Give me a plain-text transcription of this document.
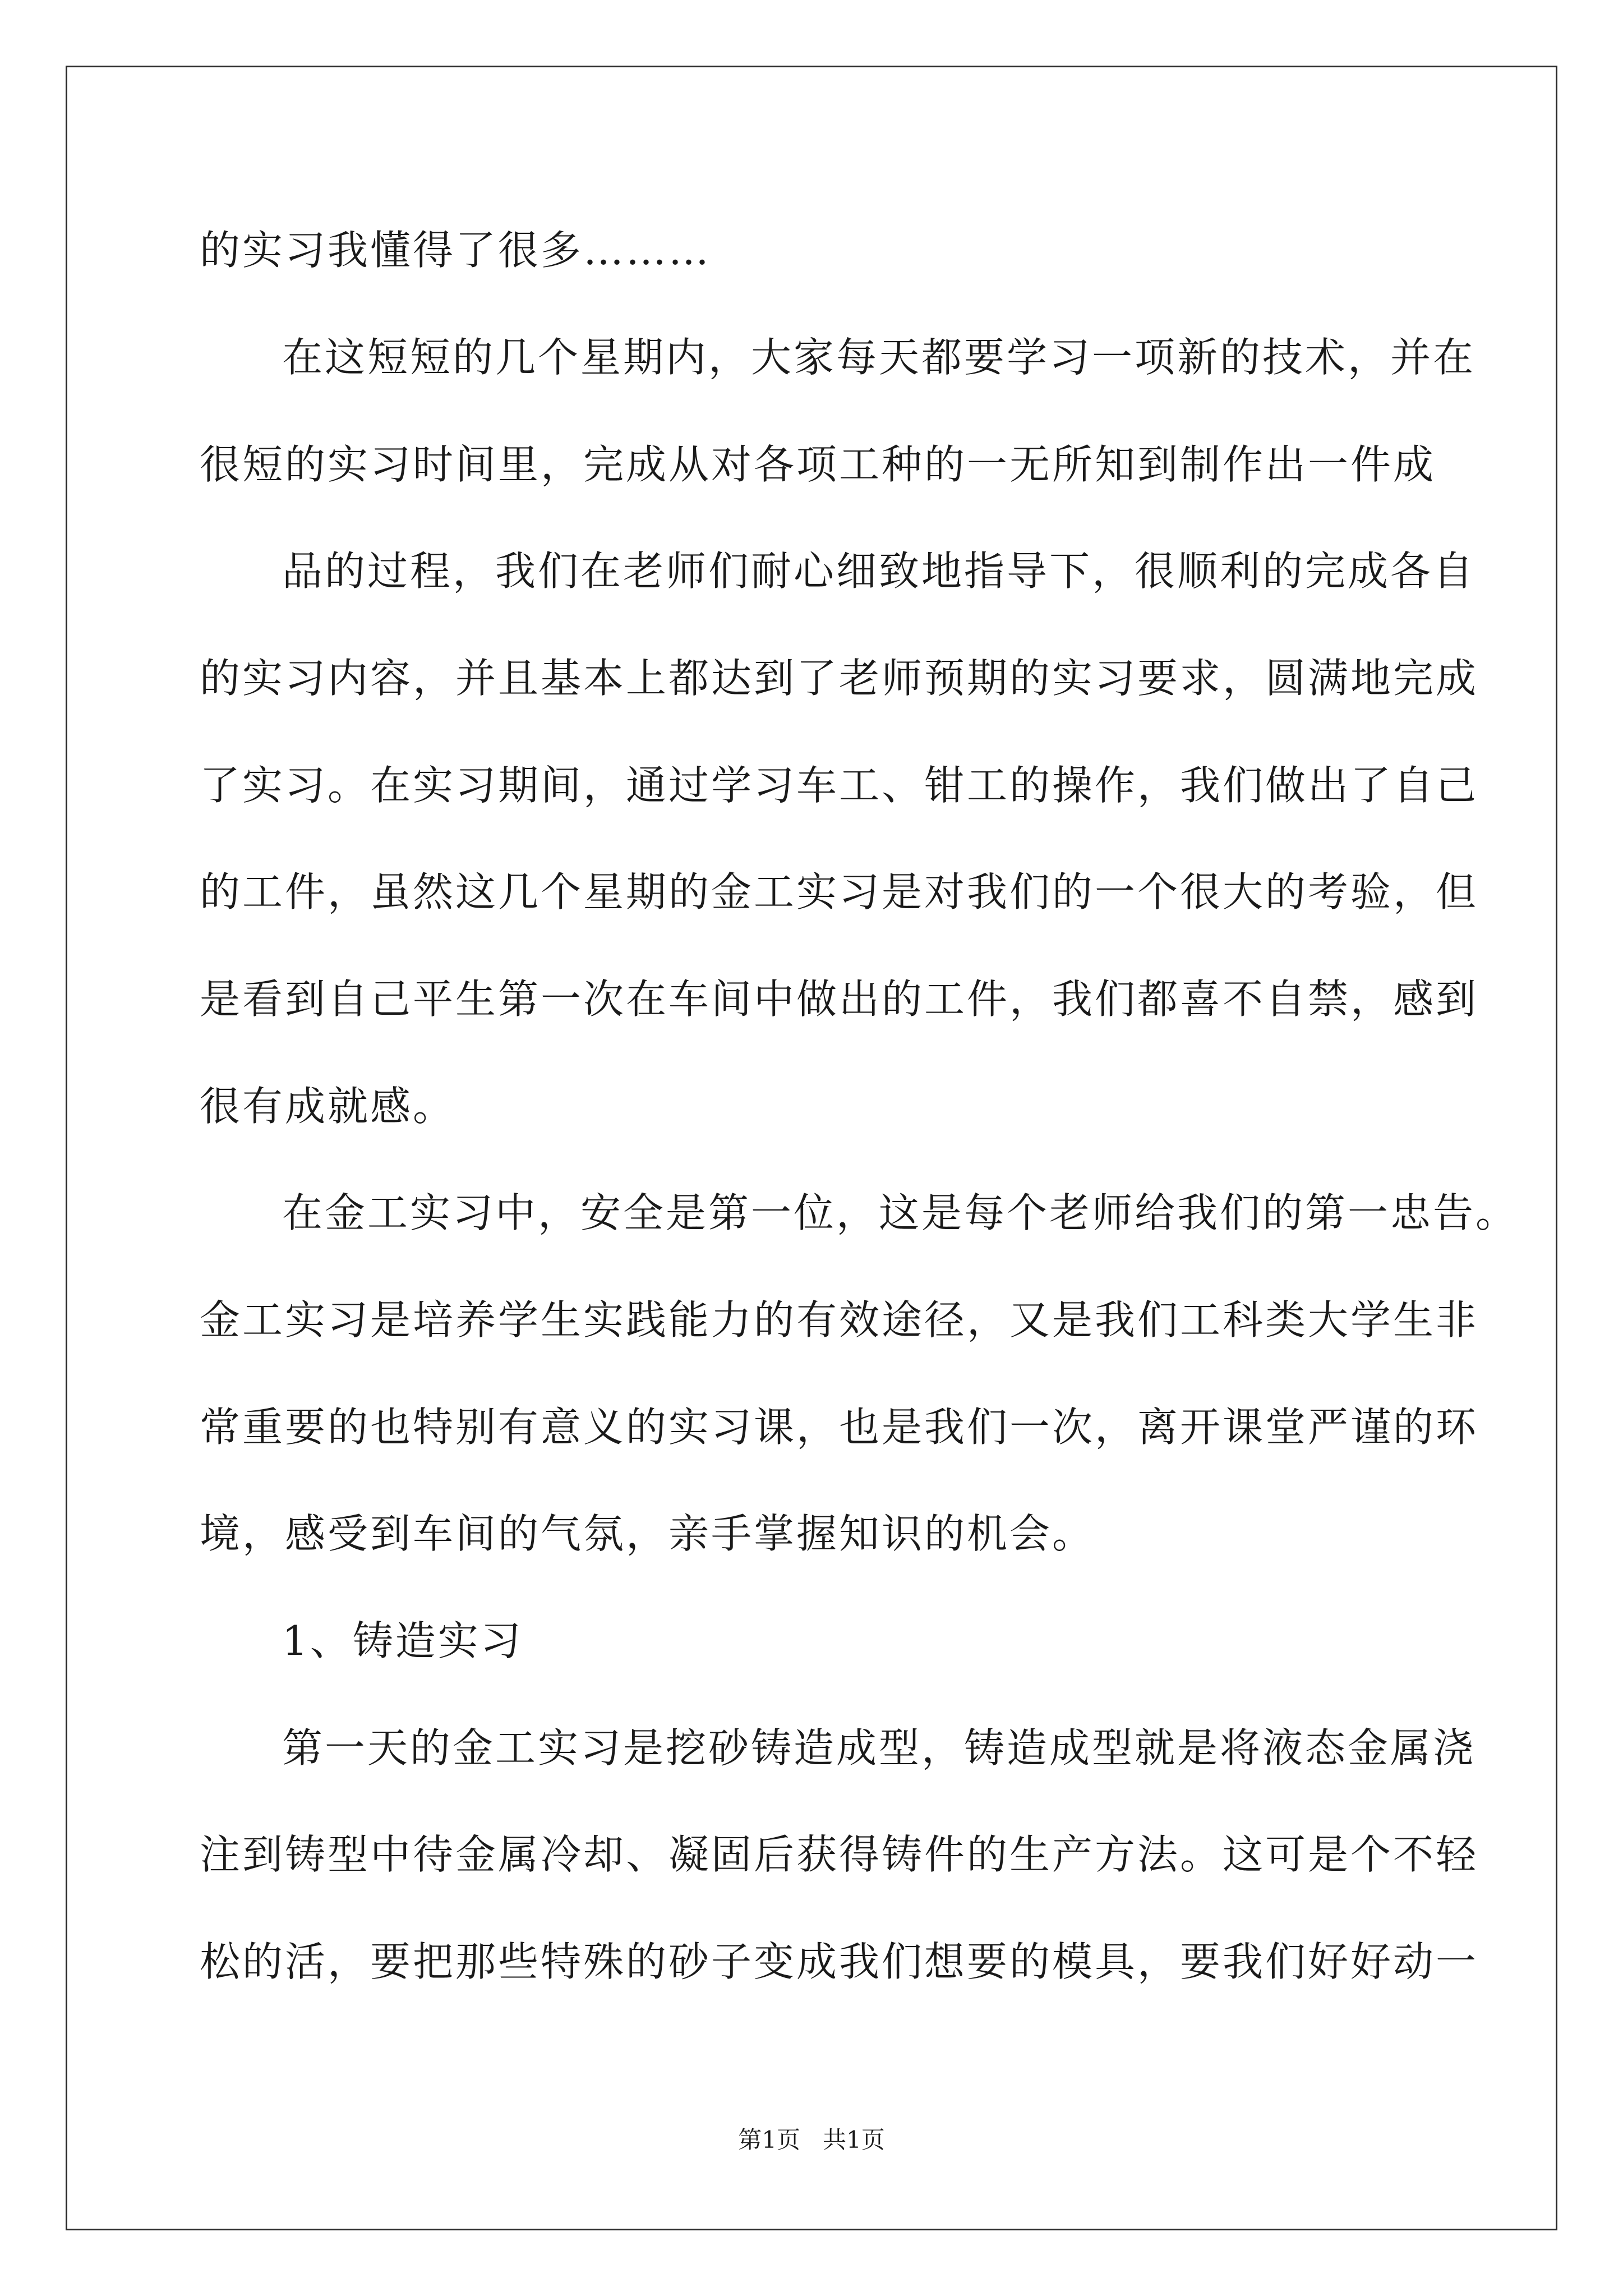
的实习我懂得了很多………
在这短短的几个星期内，大家每天都要学习一项新的技术，并在
很短的实习时间里，完成从对各项工种的一无所知到制作出一件成
品的过程，我们在老师们耐心细致地指导下，很顺利的完成各自
的实习内容，并且基本上都达到了老师预期的实习要求，圆满地完成
了实习。在实习期间，通过学习车工、钳工的操作，我们做出了自己
的工件，虽然这几个星期的金工实习是对我们的一个很大的考验，但
是看到自己平生第一次在车间中做出的工件，我们都喜不自禁，感到
很有成就感。
在金工实习中，安全是第一位，这是每个老师给我们的第一忠告。
金工实习是培养学生实践能力的有效途径，又是我们工科类大学生非
常重要的也特别有意义的实习课，也是我们一次，离开课堂严谨的环
境，感受到车间的气氛，亲手掌握知识的机会。
1、铸造实习
第一天的金工实习是挖砂铸造成型，铸造成型就是将液态金属浇
注到铸型中待金属冷却、凝固后获得铸件的生产方法。这可是个不轻
松的活，要把那些特殊的砂子变成我们想要的模具，要我们好好动一
第1页   共1页
